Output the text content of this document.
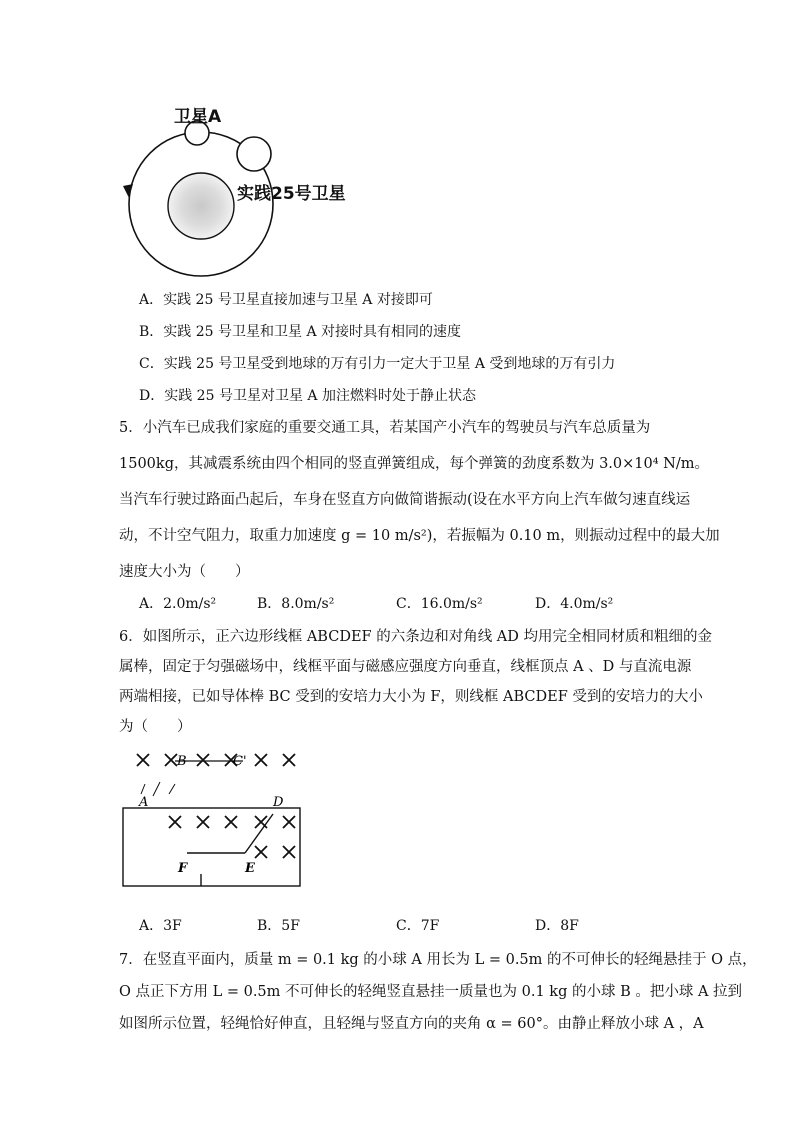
卫星A
实践25号卫星
A．实践 25 号卫星直接加速与卫星 A 对接即可
B．实践 25 号卫星和卫星 A 对接时具有相同的速度
C．实践 25 号卫星受到地球的万有引力一定大于卫星 A 受到地球的万有引力
D．实践 25 号卫星对卫星 A 加注燃料时处于静止状态
5．小汽车已成我们家庭的重要交通工具，若某国产小汽车的驾驶员与汽车总质量为
1500kg，其减震系统由四个相同的竖直弹簧组成，每个弹簧的劲度系数为 3.0×10⁴ N/m。
当汽车行驶过路面凸起后，车身在竖直方向做简谐振动(设在水平方向上汽车做匀速直线运
动，不计空气阻力，取重力加速度 g = 10 m/s²)，若振幅为 0.10 m，则振动过程中的最大加
速度大小为（　　）
A．2.0m/s²	B．8.0m/s²	C．16.0m/s²	D．4.0m/s²
6．如图所示，正六边形线框 ABCDEF 的六条边和对角线 AD 均用完全相同材质和粗细的金
属棒，固定于匀强磁场中，线框平面与磁感应强度方向垂直，线框顶点 A 、D 与直流电源
两端相接，已如导体棒 BC 受到的安培力大小为 F，则线框 ABCDEF 受到的安培力的大小
为（　　）
A
B	C'
D
E
F
A．3F	B．5F	C．7F	D．8F
7．在竖直平面内，质量 m = 0.1 kg 的小球 A 用长为 L = 0.5m 的不可伸长的轻绳悬挂于 O 点，
O 点正下方用 L = 0.5m 不可伸长的轻绳竖直悬挂一质量也为 0.1 kg 的小球 B 。把小球 A 拉到
如图所示位置，轻绳恰好伸直，且轻绳与竖直方向的夹角 α = 60°。由静止释放小球 A ，A
